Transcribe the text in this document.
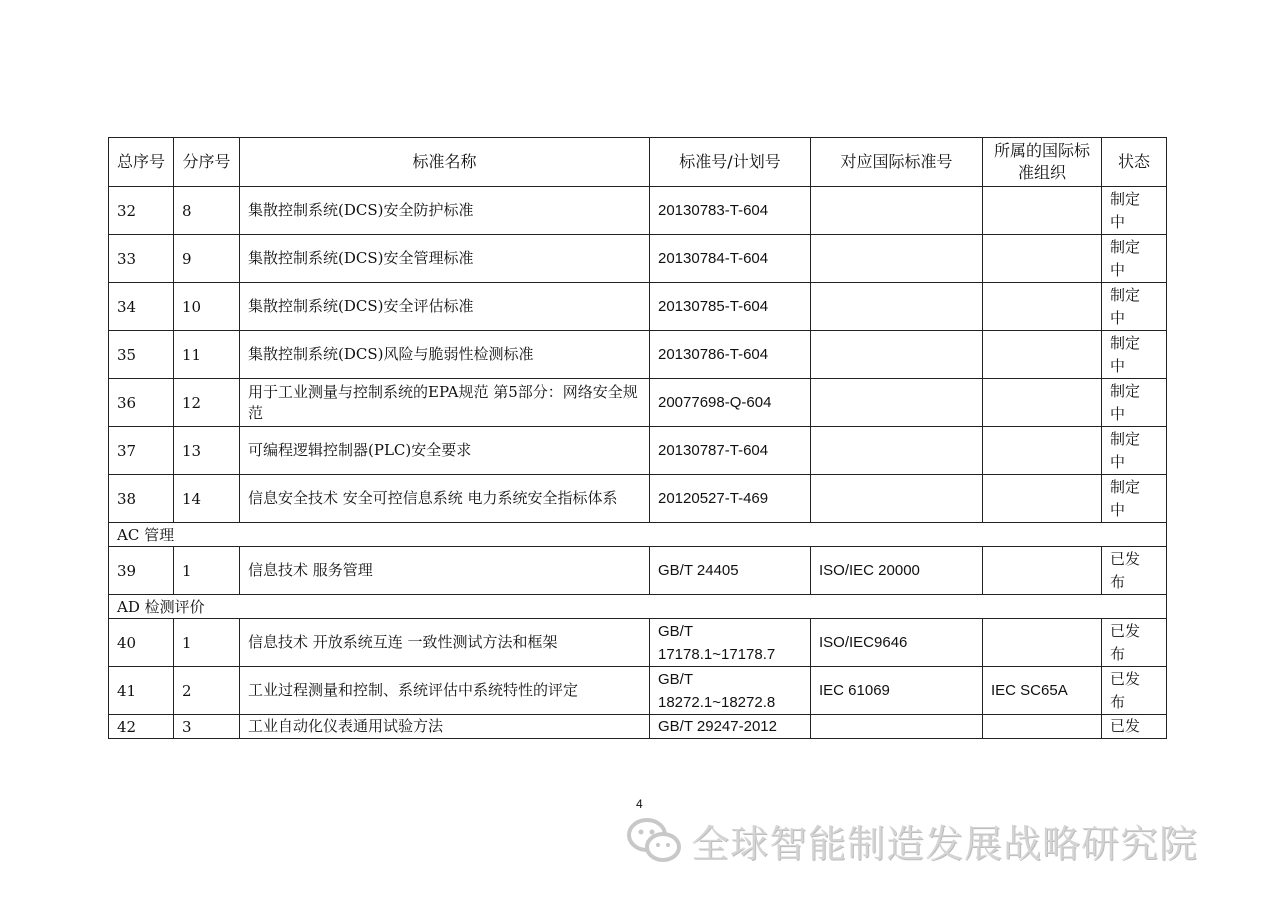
总序号	分序号	标准名称	标准号/计划号	对应国际标准号	所属的国际标准组织	状态
32	8	集散控制系统(DCS)安全防护标准	20130783-T-604			制定中

33	9	集散控制系统(DCS)安全管理标准	20130784-T-604			制定中

34	10	集散控制系统(DCS)安全评估标准	20130785-T-604			制定中

35	11	集散控制系统(DCS)风险与脆弱性检测标准	20130786-T-604			制定中

36	12	用于工业测量与控制系统的EPA规范 第5部分：网络安全规范	20077698-Q-604			制定中

37	13	可编程逻辑控制器(PLC)安全要求	20130787-T-604			制定中

38	14	信息安全技术 安全可控信息系统 电力系统安全指标体系	20120527-T-469			制定中

AC 管理						
39	1	信息技术 服务管理	GB/T 24405	ISO/IEC 20000		已发布

AD 检测评价						
40	1	信息技术 开放系统互连 一致性测试方法和框架	GB/T 17178.1~17178.7	ISO/IEC9646		已发布

41	2	工业过程测量和控制、系统评估中系统特性的评定	GB/T 18272.1~18272.8	IEC 61069	IEC SC65A	已发布

42	3	工业自动化仪表通用试验方法	GB/T 29247-2012			已发
4
全球智能制造发展战略研究院
